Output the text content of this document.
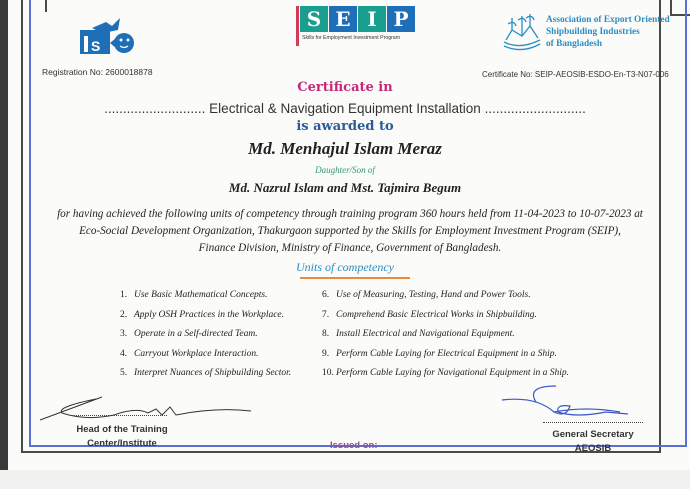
S
S E I P
Skills for Employment Investment Program
Association of Export Oriented
Shipbuilding Industries
of Bangladesh
Registration No: 2600018878	Certificate No: SEIP-AEOSIB-ESDO-En-T3-N07-006
Certificate in
........................... Electrical & Navigation Equipment Installation ...........................
is awarded to
Md. Menhajul Islam Meraz
Daughter/Son of
Md. Nazrul Islam and Mst. Tajmira Begum
for having achieved the following units of competency through training program 360 hours held from 11-04-2023 to 10-07-2023 at
Eco-Social Development Organization, Thakurgaon supported by the Skills for Employment Investment Program (SEIP),
Finance Division, Ministry of Finance, Government of Bangladesh.
Units of competency
1. Use Basic Mathematical Concepts.
2. Apply OSH Practices in the Workplace.
3. Operate in a Self-directed Team.
4. Carryout Workplace Interaction.
5. Interpret Nuances of Shipbuilding Sector.
6. Use of Measuring, Testing, Hand and Power Tools.
7. Comprehend Basic Electrical Works in Shipbuilding.
8. Install Electrical and Navigational Equipment.
9. Perform Cable Laying for Electrical Equipment in a Ship.
10. Perform Cable Laying for Navigational Equipment in a Ship.
Head of the Training
Center/Institute	Issued on:
General Secretary
AEOSIB
